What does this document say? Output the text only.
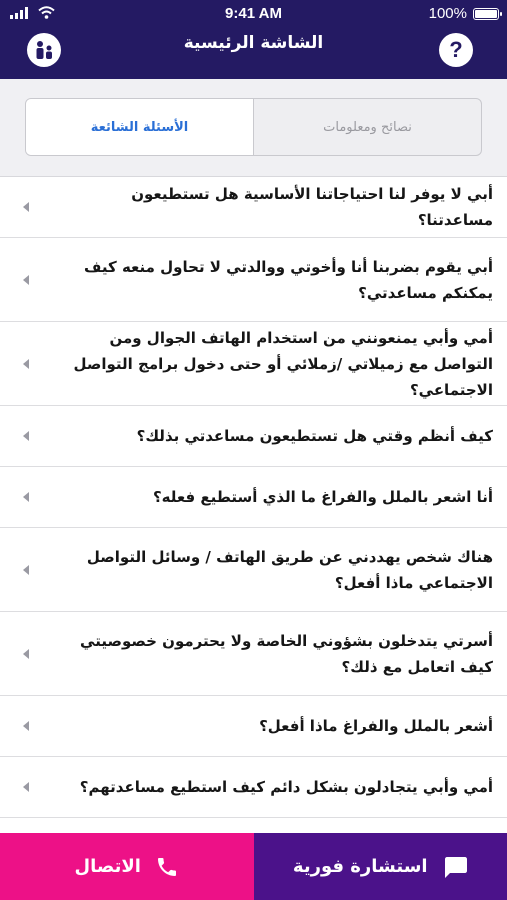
9:41 AM	100%
الشاشة الرئيسية	?
الأسئلة الشائعة	نصائح ومعلومات
أبي لا يوفر لنا احتياجاتنا الأساسية هل تستطيعون مساعدتنا؟
أبي يقوم بضربنا أنا وأخوتي ووالدتي لا تحاول منعه كيف يمكنكم مساعدتي؟
أمي وأبي يمنعونني من استخدام الهاتف الجوال ومن التواصل مع زميلاتي /زملائي أو حتى دخول برامج التواصل الاجتماعي؟
كيف أنظم وقتي هل تستطيعون مساعدتي بذلك؟
أنا اشعر بالملل والفراغ ما الذي أستطيع فعله؟
هناك شخص يهددني عن طريق الهاتف / وسائل التواصل الاجتماعي ماذا أفعل؟
أسرتي يتدخلون بشؤوني الخاصة ولا يحترمون خصوصيتي كيف اتعامل مع ذلك؟
أشعر بالملل والفراغ ماذا أفعل؟
أمي وأبي يتجادلون بشكل دائم كيف استطيع مساعدتهم؟
الاتصال	استشارة فورية
